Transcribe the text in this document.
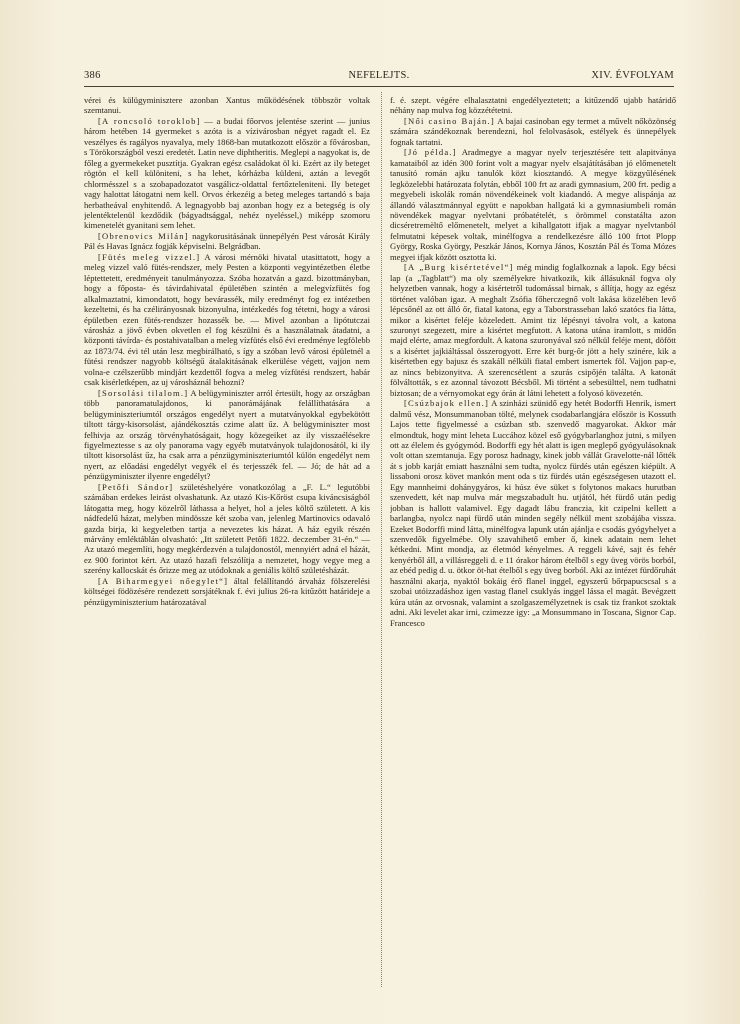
386	NEFELEJTS.	XIV. ÉVFOLYAM

vérei és külügyminisztere azonban Xantus működésének többször voltak szemtanui.

[A roncsoló toroklob] — a budai főorvos jelentése szerint — junius három hetében 14 gyermeket s azóta is a vízivárosban négyet ragadt el. Ez veszélyes és ragályos nyavalya, mely 1868-ban mutatkozott először a fővárosban, s Törökországból veszi eredetét. Latin neve diphtheritis. Meglepi a nagyokat is, de főleg a gyermekeket pusztítja. Gyakran egész családokat öl ki. Ezért az ily beteget rögtön el kell különiteni, s ha lehet, kórházba küldeni, aztán a levegőt chlormésszel s a szobapadozatot vasgálicz-oldattal fertőzteleniteni. Ily beteget vagy halottat látogatni nem kell. Orvos érkezéig a beteg meleges tartandó s baja herbatheával enyhitendő. A legnagyobb baj azonban hogy ez a betegség is oly jelentéktelenül kezdődik (bágyadtsággal, nehéz nyeléssel,) miképp szomoru kimenetelét gyanitani sem lehet.

[Obrenovics Milán] nagykorusitásának ünnepélyén Pest városát Király Pál és Havas Ignácz fogják képviselni. Belgrádban.

[Fütés meleg vizzel.] A városi mérnöki hivatal utasittatott, hogy a meleg vizzel való fütés-rendszer, mely Pesten a központi vegyintézetben életbe léptettetett, eredményeit tanulmányozza. Szóba hozatván a gazd. bizottmányban, hogy a főposta- és távirdahivatal épületében szintén a melegvízfütés fog alkalmaztatni, kimondatott, hogy bevárassék, mily eredményt fog ez intézetben kezeltetni, és ha czélirányosnak bizonyulna, intézkedés fog tétetni, hogy a városi épületben ezen fütés-rendszer hozassék be. — Mivel azonban a lipótutczai városház a jövő évben okvetlen el fog készülni és a használatnak átadatni, a központi távírda- és postahivatalban a meleg vízfütés első évi eredménye legfölebb az 1873/74. évi tél után lesz megbirálható, s így a szóban levő városi épületnél a fütési rendszer nagyobb költségű átalakitásának elkerülése végett, vajjon nem volna-e czélszerűbb mindjárt kezdettől fogva a meleg vízfütési rendszert, habár csak kisérletképen, az uj városháznál behozni?

[Sorsolási tilalom.] A belügyminiszter arról értesült, hogy az országban több panoramatulajdonos, ki panorámájának felállíthatására a belügyminiszteriumtól országos engedélyt nyert a mutatványokkal egybekötött tiltott tárgy-kisorsolást, ajándékosztás czime alatt űz. A belügyminiszter most felhivja az ország törvényhatóságait, hogy közegeiket az ily visszaélésekre figyelmeztesse s az oly panorama vagy egyéb mutatványok tulajdonosától, ki ily tiltott kisorsolást űz, ha csak arra a pénzügyminiszteriumtól külön engedélyt nem nyert, az előadási engedélyt vegyék el és terjesszék fel. — Jó; de hát ad a pénzügyminiszter ilyenre engedélyt?

[Petőfi Sándor] születéshelyére vonatkozólag a „F. L.“ legutóbbi számában erdekes leirást olvashatunk. Az utazó Kis-Kőröst csupa kiváncsiságból látogatta meg, hogy közelről láthassa a helyet, hol a jeles költő született. A kis nádfedelű házat, melyben mindössze két szoba van, jelenleg Martinovics odavaló gazda birja, ki kegyeletben tartja a nevezetes kis házat. A ház egyik részén márvány emléktáblán olvasható: „Itt született Petőfi 1822. deczember 31-én.“ — Az utazó megemlíti, hogy megkérdezvén a tulajdonostól, mennyiért adná el házát, ez 900 forintot kért. Az utazó hazafi felszólítja a nemzetet, hogy vegye meg a szerény kallocskát és őrizze meg az utódoknak a geniális költő születésházát.

[A Biharmegyei nőegylet“] által felállítandó árvaház fölszerelési költségei födözésére rendezett sorsjátéknak f. évi julius 26-ra kitűzött határideje a pénzügyminiszterium határozatával

f. é. szept. végére elhalasztatni engedélyeztetett; a kitűzendő ujabb határidő néhány nap mulva fog közzététetni.

[Női casino Baján.] A bajai casinoban egy termet a művelt nőközönség számára szándékoznak berendezni, hol felolvasások, estélyek és ünnepélyek fognak tartatni.

[Jó példa.] Aradmegye a magyar nyelv terjesztésére tett alapitványa kamataiból az idén 300 forint volt a magyar nyelv elsajátításában jó előmenetelt tanusító román ajku tanulók közt kiosztandó. A megye közgyűlésének legközelebbi határozata folytán, ebből 100 frt az aradi gymnasium, 200 frt. pedig a megyebeli iskolák román növendékeinek volt kiadandó. A megye alispánja az állandó választmánnyal együtt e napokban hallgatá ki a gymnasiumbeli román növendékek magyar nyelvtani próbatételét, s örömmel constatálta azon dicséretremèltő előmenetelt, melyet a kihallgatott ifjak a magyar nyelvtanból felmutatni képesek voltak, minélfogva a rendelkezésre álló 100 frtot Plopp György, Roska György, Peszkár János, Kornya János, Kosztán Pál és Toma Mózes megyei ifjak között osztotta ki.

[A „Burg kisértetével“] még mindig foglalkoznak a lapok. Egy bécsi lap (a „Tagblatt“) ma oly személyekre hivatkozik, kik állásuknál fogva oly helyzetben vannak, hogy a kisértetről tudomással birnak, s állítja, hogy az egész történet valóban igaz. A meghalt Zsófia főherczegnő volt lakása közelében levő lépcsőnél az ott álló őr, fiatal katona, egy a Taborstrasseban lakó szatócs fia látta, mikor a kisértet feléje közeledett. Amint tiz lépésnyi távolra volt, a katona szuronyt szegezett, mire a kisértet megfutott. A katona utána iramlott, s midőn majd elérte, amaz megfordult. A katona szuronyával szó nélkül feléje ment, döfött s a kisértet jajkiáltással összerogyott. Erre két burg-őr jött a hely szinére, kik a kisértetben egy bajusz és szakáll nélküli fiatal embert ismertek föl. Vajjon pap-e, az nincs bebizonyitva. A szerencsétlent a szurás csipőjén találta. A katonát fölváltották, s ez azonnal távozott Bécsből. Mi történt a sebesülttel, nem tudhatni biztosan; de a vérnyomokat egy órán át látni lehetett a folyosó kövezetén.

[Csúzbajok ellen.] A szinházi szünidő egy hetét Bodorffi Henrik, ismert dalmű vész, Monsummanoban tölté, melynek csodabarlangjára először is Kossuth Lajos tette figyelmessé a csúzban stb. szenvedő magyarokat. Akkor már elmondtuk, hogy mint leheta Luccához közel eső gyógybarlanghoz jutni, s milyen ott az élelem és gyógymód. Bodorffi egy hét alatt is igen meglepő gyógyulásoknak volt ottan szemtanuja. Egy porosz hadnagy, kinek jobb vállát Gravelotte-nál lőtték át s jobb karját emiatt használni sem tudta, nyolcz fürdés után egészen kiépült. A lissaboni orosz követ mankón ment oda s tiz fürdés után egészségesen utazott el. Egy mannheimi dohánygyáros, ki húsz éve süket s folytonos makacs hurutban szenvedett, két nap mulva már megszabadult hu. utjától, hét fürdő után pedig jobban is hallott valamivel. Egy dagadt lábu franczia, kit czipelni kellett a barlangba, nyolcz napi fürdő után minden segély nélkül ment szobájába vissza. Ezeket Bodorffi mind látta, minélfogva lapunk után ajánlja e csodás gyógyhelyet a szenvedők figyelmébe. Oly szavahihető ember ő, kinek adatain nem lehet kétkedni. Mint mondja, az életmód kényelmes. A reggeli kávé, sajt és fehér kenyérből áll, a villásreggeli d. e 11 órakor három ételből s egy üveg vörös borból, az ebéd pedig d. u. ötkor öt-hat ételből s egy üveg borból. Aki az intézet fürdőruhát használni akarja, nyaktól bokáig érő flanel inggel, egyszerű bőrpapucscsal s a szobai utóizzadáshoz igen vastag flanel csuklyás inggel lássa el magát. Bevégzett kúra után az orvosnak, valamint a szolgaszemélyzetnek is csak tiz frankot szoktak adni. Aki levelet akar irni, czimezze igy: „a Monsummano in Toscana, Signor Cap. Francesco
